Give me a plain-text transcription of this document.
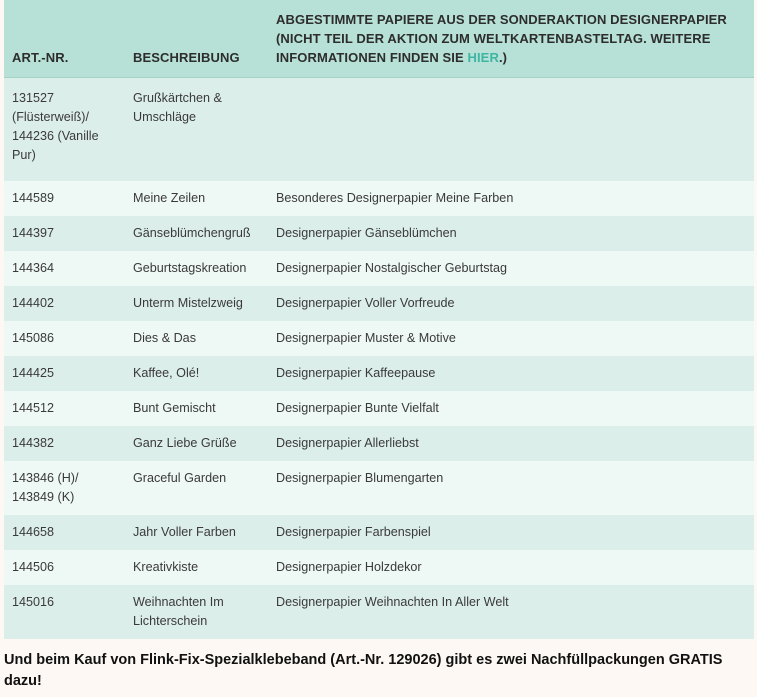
ART.-NR.	BESCHREIBUNG	ABGESTIMMTE PAPIERE AUS DER SONDERAKTION DESIGNERPAPIER (NICHT TEIL DER AKTION ZUM WELTKARTENBASTELTAG. WEITERE INFORMATIONEN FINDEN SIE HIER.)
131527 (Flüsterweiß)/ 144236 (Vanille Pur)	Grußkärtchen & Umschläge	
144589	Meine Zeilen	Besonderes Designerpapier Meine Farben
144397	Gänseblümchengruß	Designerpapier Gänseblümchen
144364	Geburtstagskreation	Designerpapier Nostalgischer Geburtstag
144402	Unterm Mistelzweig	Designerpapier Voller Vorfreude
145086	Dies & Das	Designerpapier Muster & Motive
144425	Kaffee, Olé!	Designerpapier Kaffeepause
144512	Bunt Gemischt	Designerpapier Bunte Vielfalt
144382	Ganz Liebe Grüße	Designerpapier Allerliebst
143846 (H)/ 143849 (K)	Graceful Garden	Designerpapier Blumengarten
144658	Jahr Voller Farben	Designerpapier Farbenspiel
144506	Kreativkiste	Designerpapier Holzdekor
145016	Weihnachten Im Lichterschein	Designerpapier Weihnachten In Aller Welt
Und beim Kauf von Flink-Fix-Spezialklebeband (Art.-Nr. 129026) gibt es zwei Nachfüllpackungen GRATIS dazu!
